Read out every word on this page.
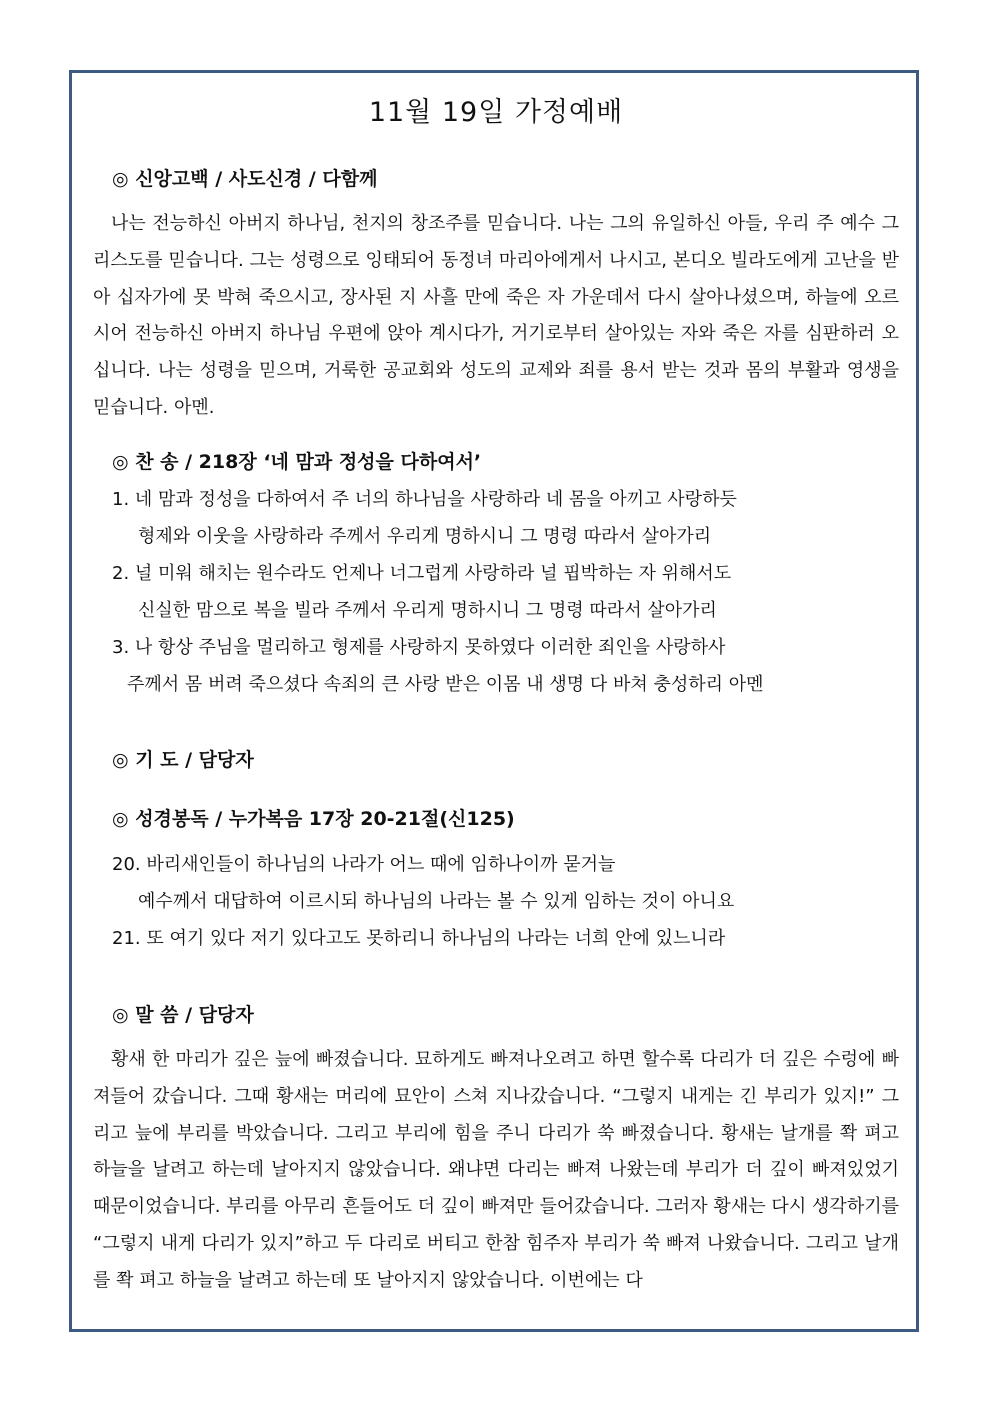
11월 19일 가정예배
◎ 신앙고백 / 사도신경 / 다함께

나는 전능하신 아버지 하나님, 천지의 창조주를 믿습니다. 나는 그의 유일하신 아들, 우리 주 예수 그리스도를 믿습니다. 그는 성령으로 잉태되어 동정녀 마리아에게서 나시고, 본디오 빌라도에게 고난을 받아 십자가에 못 박혀 죽으시고, 장사된 지 사흘 만에 죽은 자 가운데서 다시 살아나셨으며, 하늘에 오르시어 전능하신 아버지 하나님 우편에 앉아 계시다가, 거기로부터 살아있는 자와 죽은 자를 심판하러 오십니다. 나는 성령을 믿으며, 거룩한 공교회와 성도의 교제와 죄를 용서 받는 것과 몸의 부활과 영생을 믿습니다. 아멘.

◎ 찬 송 / 218장 ‘네 맘과 정성을 다하여서’
1. 네 맘과 정성을 다하여서 주 너의 하나님을 사랑하라 네 몸을 아끼고 사랑하듯
형제와 이웃을 사랑하라 주께서 우리게 명하시니 그 명령 따라서 살아가리
2. 널 미워 해치는 원수라도 언제나 너그럽게 사랑하라 널 핍박하는 자 위해서도
신실한 맘으로 복을 빌라 주께서 우리게 명하시니 그 명령 따라서 살아가리
3. 나 항상 주님을 멀리하고 형제를 사랑하지 못하였다 이러한 죄인을 사랑하사
주께서 몸 버려 죽으셨다 속죄의 큰 사랑 받은 이몸 내 생명 다 바쳐 충성하리 아멘
◎ 기 도 / 담당자
◎ 성경봉독 / 누가복음 17장 20-21절(신125)
20. 바리새인들이 하나님의 나라가 어느 때에 임하나이까 묻거늘
예수께서 대답하여 이르시되 하나님의 나라는 볼 수 있게 임하는 것이 아니요
21. 또 여기 있다 저기 있다고도 못하리니 하나님의 나라는 너희 안에 있느니라
◎ 말 씀 / 담당자

황새 한 마리가 깊은 늪에 빠졌습니다. 묘하게도 빠져나오려고 하면 할수록 다리가 더 깊은 수렁에 빠져들어 갔습니다. 그때 황새는 머리에 묘안이 스쳐 지나갔습니다. “그렇지 내게는 긴 부리가 있지!” 그리고 늪에 부리를 박았습니다. 그리고 부리에 힘을 주니 다리가 쑥 빠졌습니다. 황새는 날개를 쫙 펴고 하늘을 날려고 하는데 날아지지 않았습니다. 왜냐면 다리는 빠져 나왔는데 부리가 더 깊이 빠져있었기 때문이었습니다. 부리를 아무리 흔들어도 더 깊이 빠져만 들어갔습니다. 그러자 황새는 다시 생각하기를 “그렇지 내게 다리가 있지”하고 두 다리로 버티고 한참 힘주자 부리가 쑥 빠져 나왔습니다. 그리고 날개를 쫙 펴고 하늘을 날려고 하는데 또 날아지지 않았습니다. 이번에는 다
